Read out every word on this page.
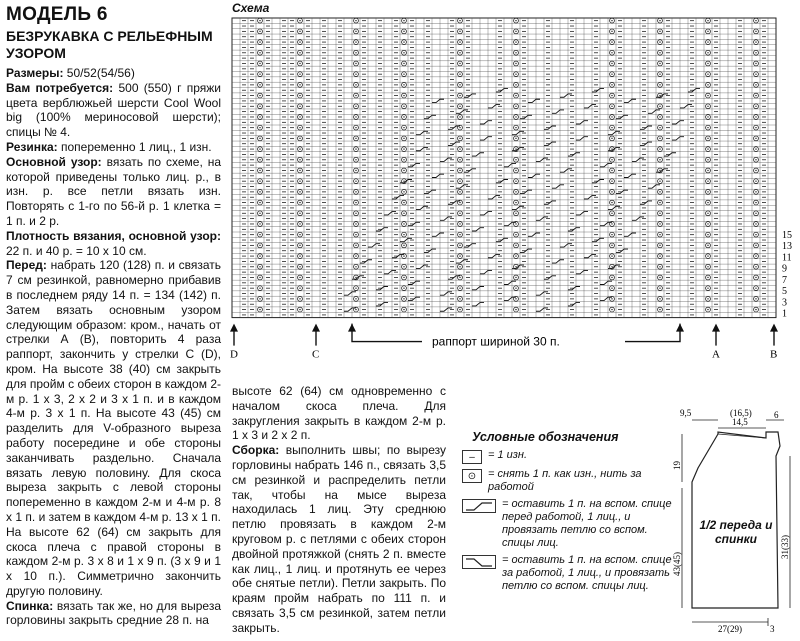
МОДЕЛЬ 6
БЕЗРУКАВКА С РЕЛЬЕФНЫМ УЗОРОМ

Размеры: 50/52(54/56)

Вам потребуется: 500 (550) г пряжи цвета верблюжьей шерсти Cool Wool big (100% мериносовой шерсти); спицы № 4.

Резинка: попеременно 1 лиц., 1 изн.

Основной узор: вязать по схеме, на которой приведены только лиц. р., в изн. р. все петли вязать изн. Повторять с 1-го по 56-й р. 1 клетка = 1 п. и 2 р.

Плотность вязания, основной узор: 22 п. и 40 р. = 10 х 10 см.

Перед: набрать 120 (128) п. и связать 7 см резинкой, равномерно прибавив в последнем ряду 14 п. = 134 (142) п. Затем вязать основным узором следующим образом: кром., начать от стрелки А (В), повторить 4 раза раппорт, закончить у стрелки С (D), кром. На высоте 38 (40) см закрыть для пройм с обеих сторон в каждом 2-м р. 1 х 3, 2 х 2 и 3 х 1 п. и в каждом 4-м р. 3 х 1 п. На высоте 43 (45) см разделить для V-образного выреза работу посередине и обе стороны заканчивать раздельно. Сначала вязать левую половину. Для скоса выреза закрыть с левой стороны попеременно в каждом 2-м и 4-м р. 8 х 1 п. и затем в каждом 4-м р. 13 х 1 п. На высоте 62 (64) см закрыть для скоса плеча с правой стороны в каждом 2-м р. 3 х 8 и 1 х 9 п. (3 х 9 и 1 х 10 п.). Симметрично закончить другую половину.

Спинка: вязать так же, но для выреза горловины закрыть средние 28 п. на

высоте 62 (64) см одновременно с началом скоса плеча. Для закругления закрыть в каждом 2-м р. 1 х 3 и 2 х 2 п.

Сборка: выполнить швы; по вырезу горловины набрать 146 п., связать 3,5 см резинкой и распределить петли так, чтобы на мысе выреза находилась 1 лиц. Эту среднюю петлю провязать в каждом 2-м круговом р. с петлями с обеих сторон двойной протяжкой (снять 2 п. вместе как лиц., 1 лиц. и протянуть ее через обе снятые петли). Петли закрыть. По краям пройм набрать по 111 п. и связать 3,5 см резинкой, затем петли закрыть.

Схема
1
3
5
7
9
11
13
15
D	C	A	B
раппорт шириной 30 п.
Условные обозначения
–	= 1 изн.
⊙	= снять 1 п. как изн., нить за работой
= оставить 1 п. на вспом. спице перед работой, 1 лиц., и провязать петлю со вспом. спицы лиц.
= оставить 1 п. на вспом. спице за работой, 1 лиц., и провязать петлю со вспом. спицы лиц.
9,5	(16,5)
14,5
6
19
43(45)
31(33)
27(29)	3
1/2 переда и спинки
